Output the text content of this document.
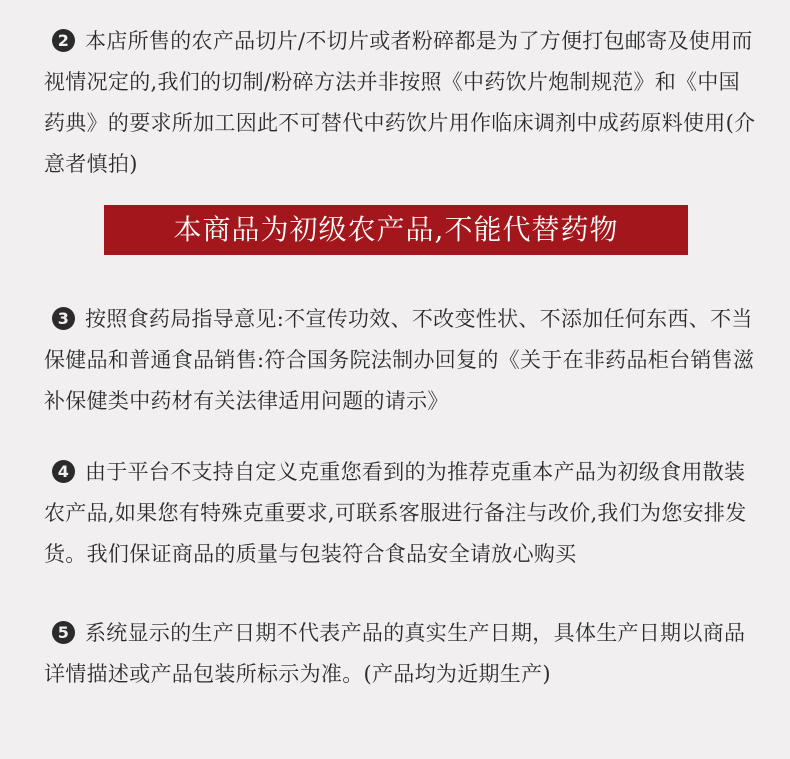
2 本店所售的农产品切片/不切片或者粉碎都是为了方便打包邮寄及使用而视情况定的,我们的切制/粉碎方法并非按照《中药饮片炮制规范》和《中国药典》的要求所加工因此不可替代中药饮片用作临床调剂中成药原料使用(介意者慎拍)

本商品为初级农产品,不能代替药物

3 按照食药局指导意见:不宣传功效、不改变性状、不添加任何东西、不当保健品和普通食品销售:符合国务院法制办回复的《关于在非药品柜台销售滋补保健类中药材有关法律适用问题的请示》

4 由于平台不支持自定义克重您看到的为推荐克重本产品为初级食用散装农产品,如果您有特殊克重要求,可联系客服进行备注与改价,我们为您安排发货。我们保证商品的质量与包装符合食品安全请放心购买

5 系统显示的生产日期不代表产品的真实生产日期，具体生产日期以商品详情描述或产品包装所标示为准。(产品均为近期生产)
